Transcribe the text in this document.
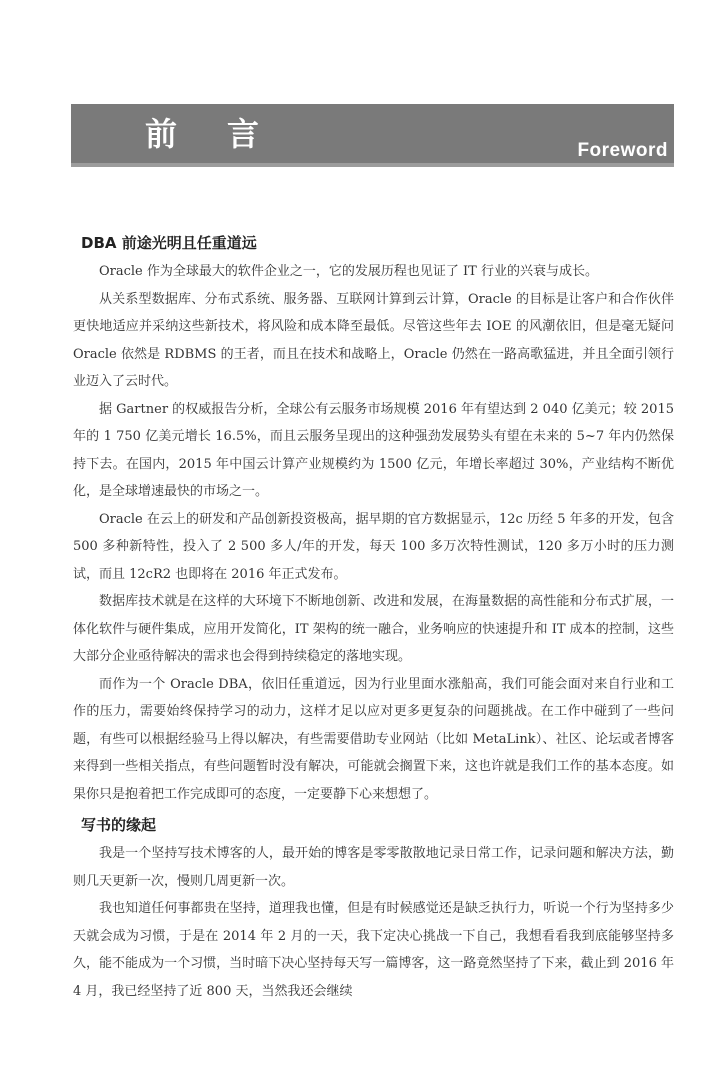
前言	Foreword
DBA 前途光明且任重道远

Oracle 作为全球最大的软件企业之一，它的发展历程也见证了 IT 行业的兴衰与成长。

从关系型数据库、分布式系统、服务器、互联网计算到云计算，Oracle 的目标是让客户和合作伙伴更快地适应并采纳这些新技术，将风险和成本降至最低。尽管这些年去 IOE 的风潮依旧，但是毫无疑问 Oracle 依然是 RDBMS 的王者，而且在技术和战略上，Oracle 仍然在一路高歌猛进，并且全面引领行业迈入了云时代。

据 Gartner 的权威报告分析，全球公有云服务市场规模 2016 年有望达到 2 040 亿美元；较 2015 年的 1 750 亿美元增长 16.5%，而且云服务呈现出的这种强劲发展势头有望在未来的 5~7 年内仍然保持下去。在国内，2015 年中国云计算产业规模约为 1500 亿元，年增长率超过 30%，产业结构不断优化，是全球增速最快的市场之一。

Oracle 在云上的研发和产品创新投资极高，据早期的官方数据显示，12c 历经 5 年多的开发，包含 500 多种新特性，投入了 2 500 多人/年的开发，每天 100 多万次特性测试，120 多万小时的压力测试，而且 12cR2 也即将在 2016 年正式发布。

数据库技术就是在这样的大环境下不断地创新、改进和发展，在海量数据的高性能和分布式扩展，一体化软件与硬件集成，应用开发简化，IT 架构的统一融合，业务响应的快速提升和 IT 成本的控制，这些大部分企业亟待解决的需求也会得到持续稳定的落地实现。

而作为一个 Oracle DBA，依旧任重道远，因为行业里面水涨船高，我们可能会面对来自行业和工作的压力，需要始终保持学习的动力，这样才足以应对更多更复杂的问题挑战。在工作中碰到了一些问题，有些可以根据经验马上得以解决，有些需要借助专业网站（比如 MetaLink）、社区、论坛或者博客来得到一些相关指点，有些问题暂时没有解决，可能就会搁置下来，这也许就是我们工作的基本态度。如果你只是抱着把工作完成即可的态度，一定要静下心来想想了。

写书的缘起

我是一个坚持写技术博客的人，最开始的博客是零零散散地记录日常工作，记录问题和解决方法，勤则几天更新一次，慢则几周更新一次。

我也知道任何事都贵在坚持，道理我也懂，但是有时候感觉还是缺乏执行力，听说一个行为坚持多少天就会成为习惯，于是在 2014 年 2 月的一天，我下定决心挑战一下自己，我想看看我到底能够坚持多久，能不能成为一个习惯，当时暗下决心坚持每天写一篇博客，这一路竟然坚持了下来，截止到 2016 年 4 月，我已经坚持了近 800 天，当然我还会继续
